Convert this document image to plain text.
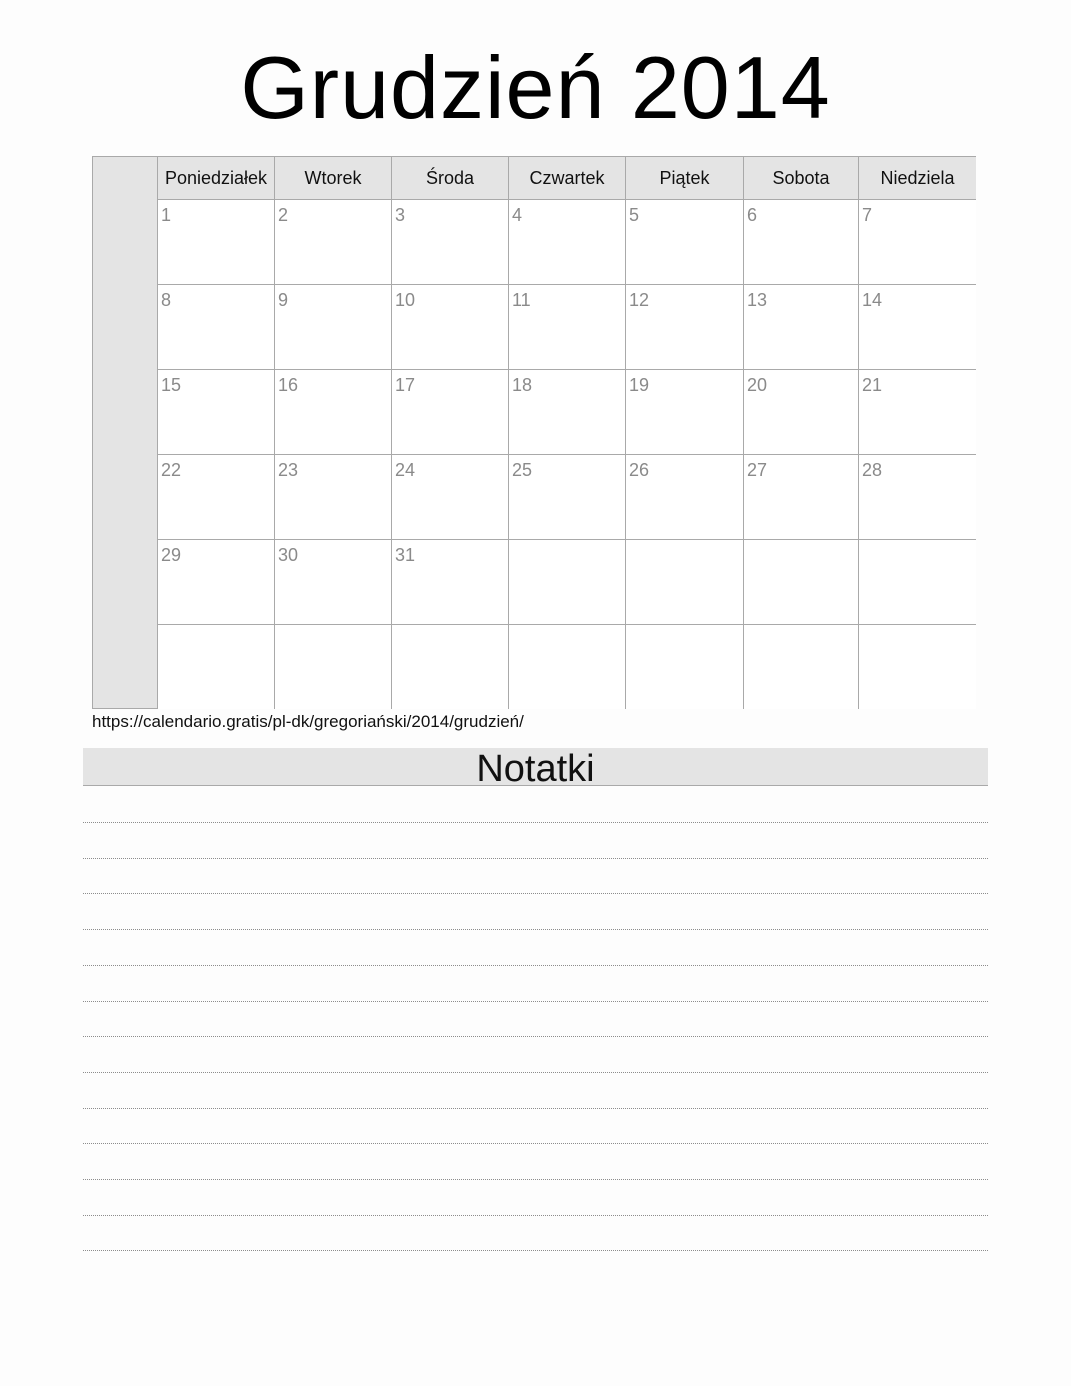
Grudzień 2014
Poniedziałek	Wtorek	Środa	Czwartek	Piątek	Sobota	Niedziela
1	2	3	4	5	6	7
8	9	10	11	12	13	14
15	16	17	18	19	20	21
22	23	24	25	26	27	28
29	30	31
https://calendario.gratis/pl-dk/gregoriański/2014/grudzień/
Notatki
